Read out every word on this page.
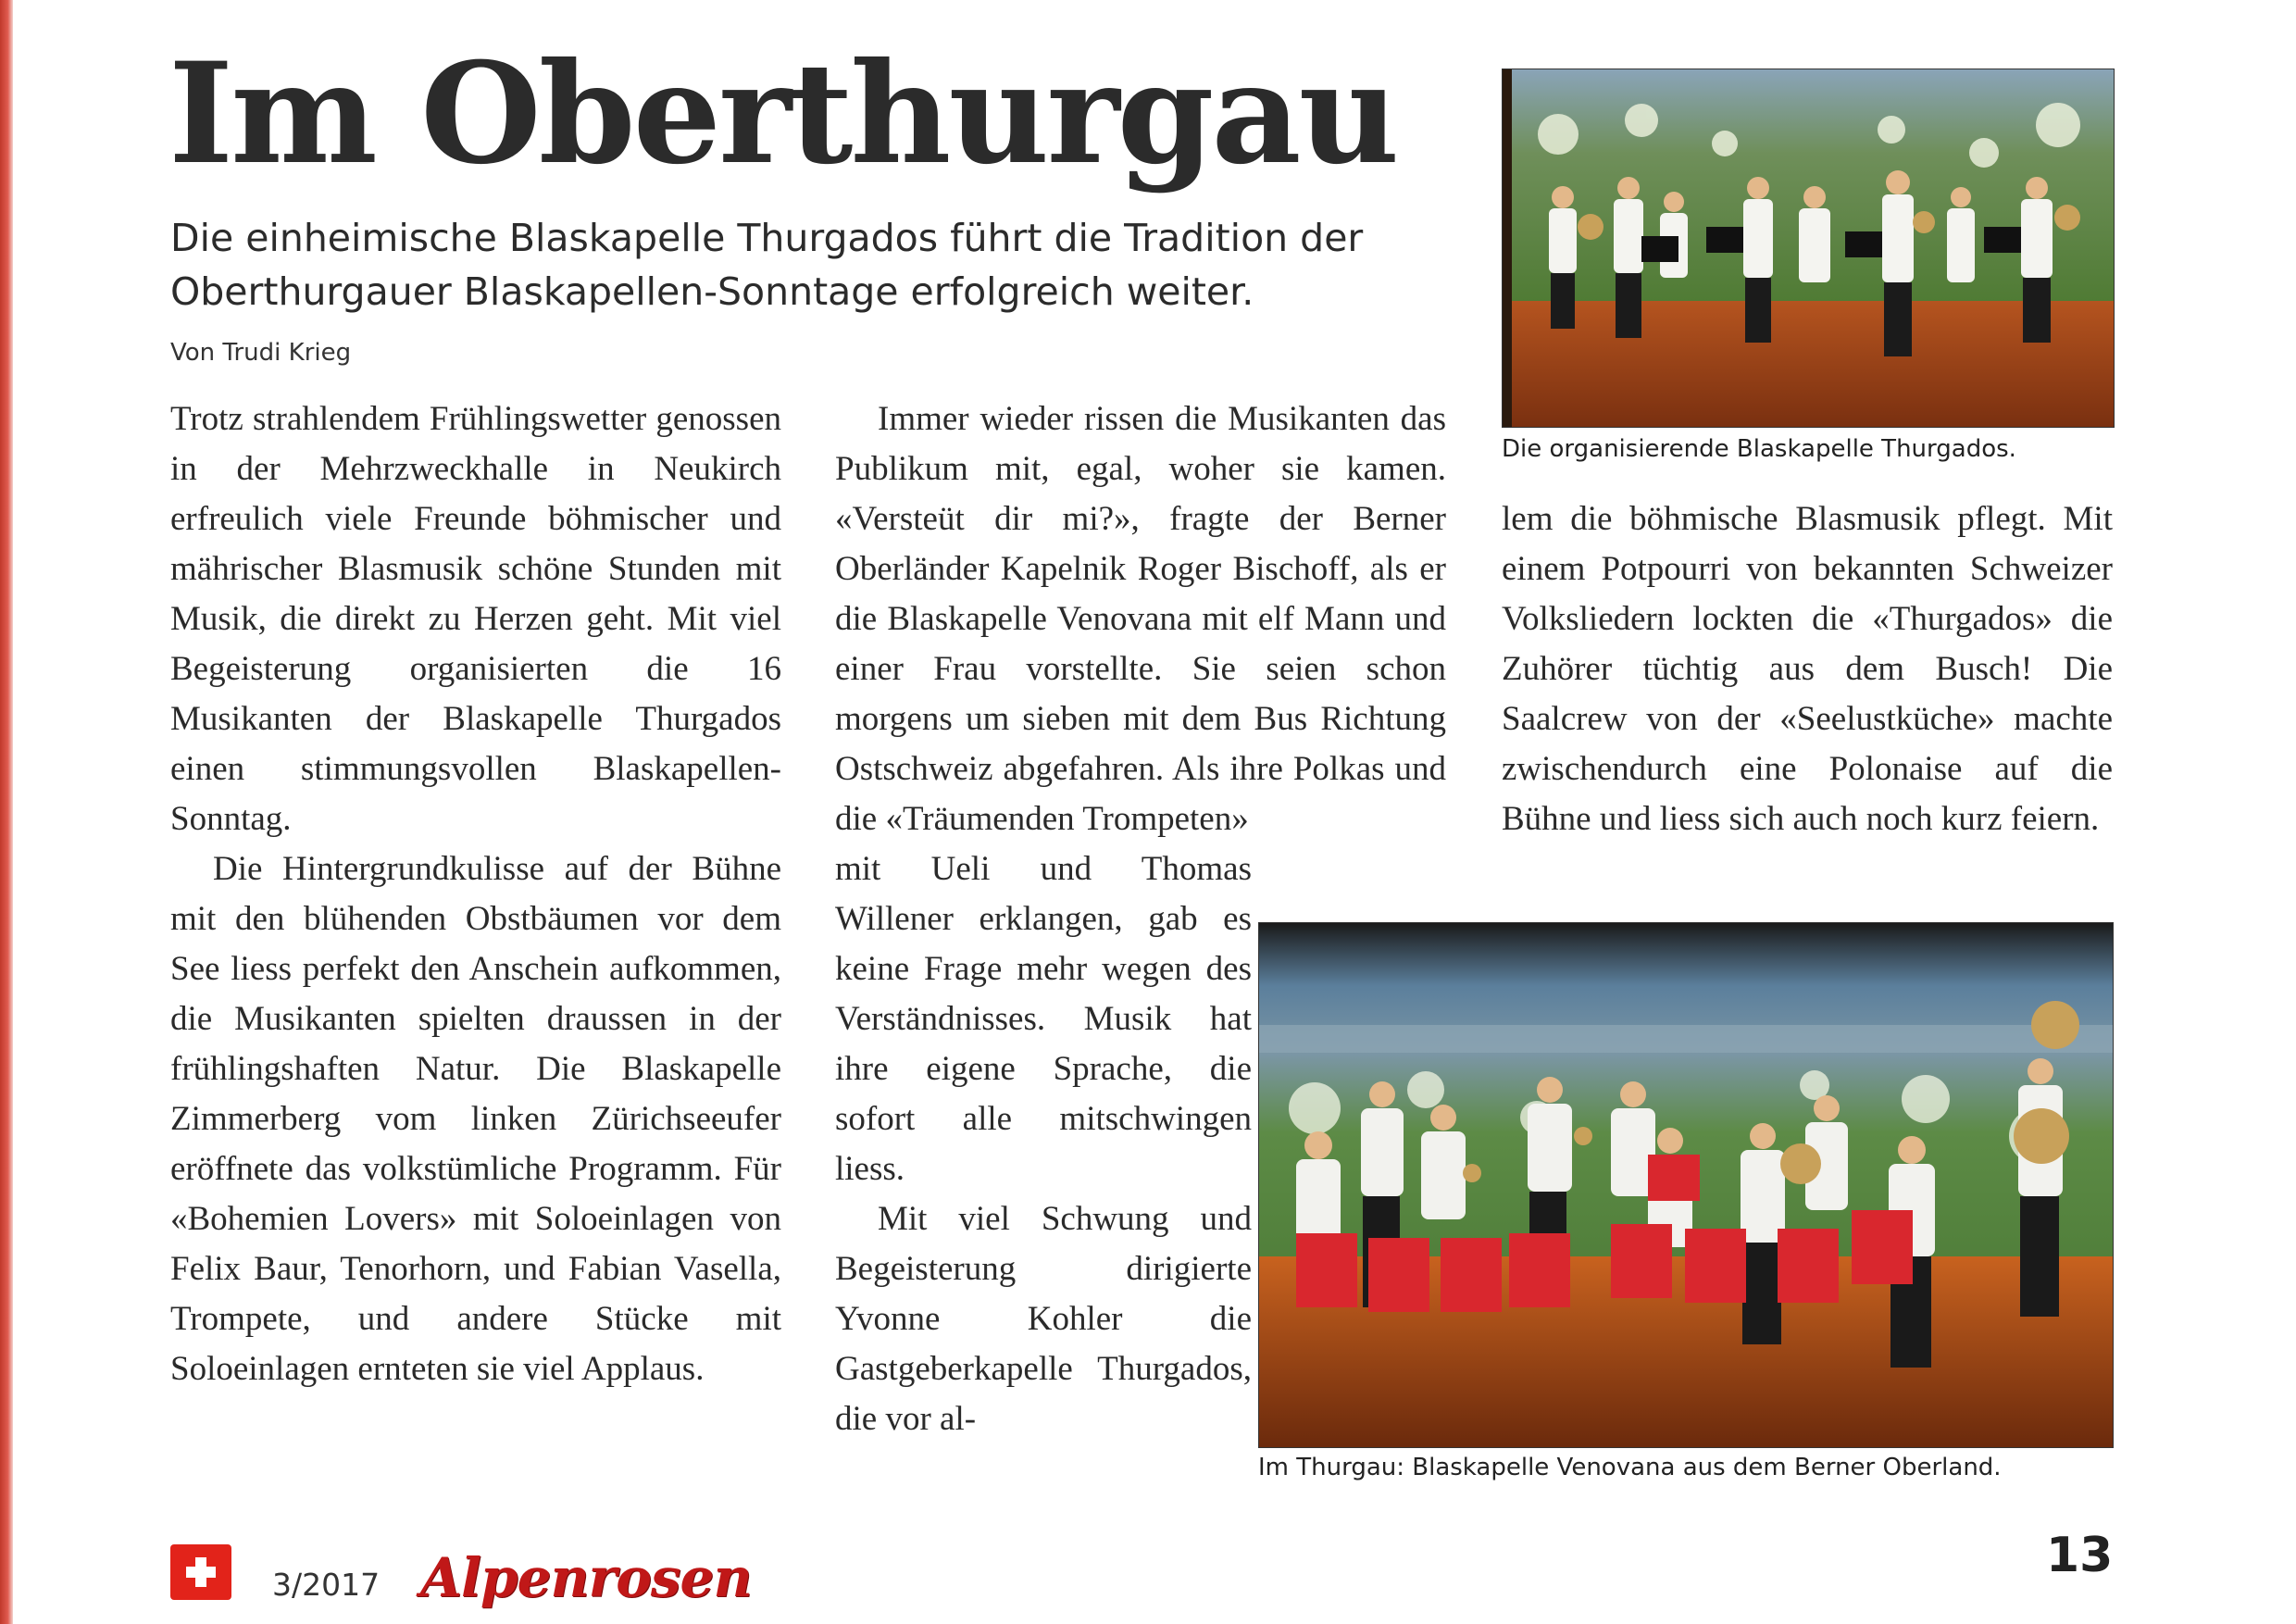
Im Oberthurgau
Die einheimische Blaskapelle Thurgados führt die Tradition der Oberthurgauer Blaskapellen-Sonntage erfolgreich weiter.
Von Trudi Krieg

Trotz strahlendem Frühlingswetter genossen in der Mehrzweckhalle in Neukirch erfreulich viele Freunde böhmischer und mährischer Blasmusik schöne Stunden mit Musik, die direkt zu Herzen geht. Mit viel Begeisterung organisierten die 16 Musikanten der Blaskapelle Thurgados einen stimmungsvollen Blaskapellen-Sonntag.

Die Hintergrundkulisse auf der Bühne mit den blühenden Obstbäumen vor dem See liess perfekt den Anschein aufkommen, die Musikanten spielten draussen in der frühlingshaften Natur. Die Blaskapelle Zimmerberg vom linken Zürichseeufer eröffnete das volkstümliche Programm. Für «Bohemien Lovers» mit Soloeinlagen von Felix Baur, Tenorhorn, und Fabian Vasella, Trompete, und andere Stücke mit Soloeinlagen ernteten sie viel Applaus.

Immer wieder rissen die Musikanten das Publikum mit, egal, woher sie kamen. «Versteüt dir mi?», fragte der Berner Oberländer Kapelnik Roger Bischoff, als er die Blaskapelle Venovana mit elf Mann und einer Frau vorstellte. Sie seien schon morgens um sieben mit dem Bus Richtung Ostschweiz abgefahren. Als ihre Polkas und die «Träumenden Trompeten»

mit Ueli und Thomas Willener erklangen, gab es keine Frage mehr wegen des Verständnisses. Musik hat ihre eigene Sprache, die sofort alle mitschwingen liess.

Mit viel Schwung und Begeisterung dirigierte Yvonne Kohler die Gastgeberkapelle Thurgados, die vor al-

lem die böhmische Blasmusik pflegt. Mit einem Potpourri von bekannten Schweizer Volksliedern lockten die «Thurgados» die Zuhörer tüchtig aus dem Busch! Die Saalcrew von der «Seelustküche» machte zwischendurch eine Polonaise auf die Bühne und liess sich auch noch kurz feiern.

Die organisierende Blaskapelle Thurgados.
Im Thurgau: Blaskapelle Venovana aus dem Berner Oberland.
3/2017 Alpenrosen	13
